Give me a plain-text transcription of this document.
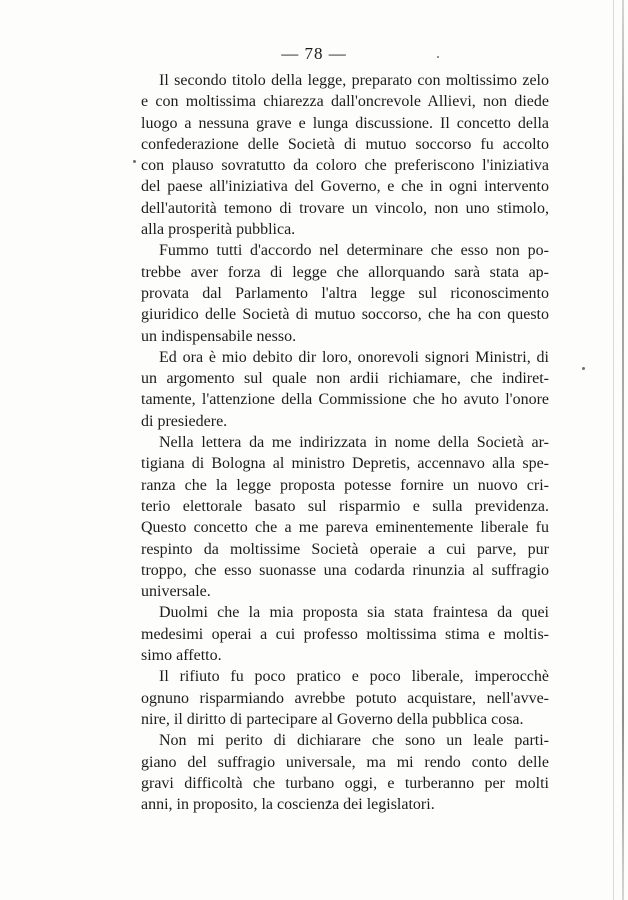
— 78 —
Il secondo titolo della legge, preparato con moltissimo zelo
e con moltissima chiarezza dall'oncrevole Allievi, non diede
luogo a nessuna grave e lunga discussione. Il concetto della
confederazione delle Società di mutuo soccorso fu accolto
con plauso sovratutto da coloro che preferiscono l'iniziativa
del paese all'iniziativa del Governo, e che in ogni intervento
dell'autorità temono di trovare un vincolo, non uno stimolo,
alla prosperità pubblica.
Fummo tutti d'accordo nel determinare che esso non po-
trebbe aver forza di legge che allorquando sarà stata ap-
provata dal Parlamento l'altra legge sul riconoscimento
giuridico delle Società di mutuo soccorso, che ha con questo
un indispensabile nesso.
Ed ora è mio debito dir loro, onorevoli signori Ministri, di
un argomento sul quale non ardii richiamare, che indiret-
tamente, l'attenzione della Commissione che ho avuto l'onore
di presiedere.
Nella lettera da me indirizzata in nome della Società ar-
tigiana di Bologna al ministro Depretis, accennavo alla spe-
ranza che la legge proposta potesse fornire un nuovo cri-
terio elettorale basato sul risparmio e sulla previdenza.
Questo concetto che a me pareva eminentemente liberale fu
respinto da moltissime Società operaie a cui parve, pur
troppo, che esso suonasse una codarda rinunzia al suffragio
universale.
Duolmi che la mia proposta sia stata fraintesa da quei
medesimi operai a cui professo moltissima stima e moltis-
simo affetto.
Il rifiuto fu poco pratico e poco liberale, imperocchè
ognuno risparmiando avrebbe potuto acquistare, nell'avve-
nire, il diritto di partecipare al Governo della pubblica cosa.
Non mi perito di dichiarare che sono un leale parti-
giano del suffragio universale, ma mi rendo conto delle
gravi difficoltà che turbano oggi, e turberanno per molti
anni, in proposito, la coscienza dei legislatori.
